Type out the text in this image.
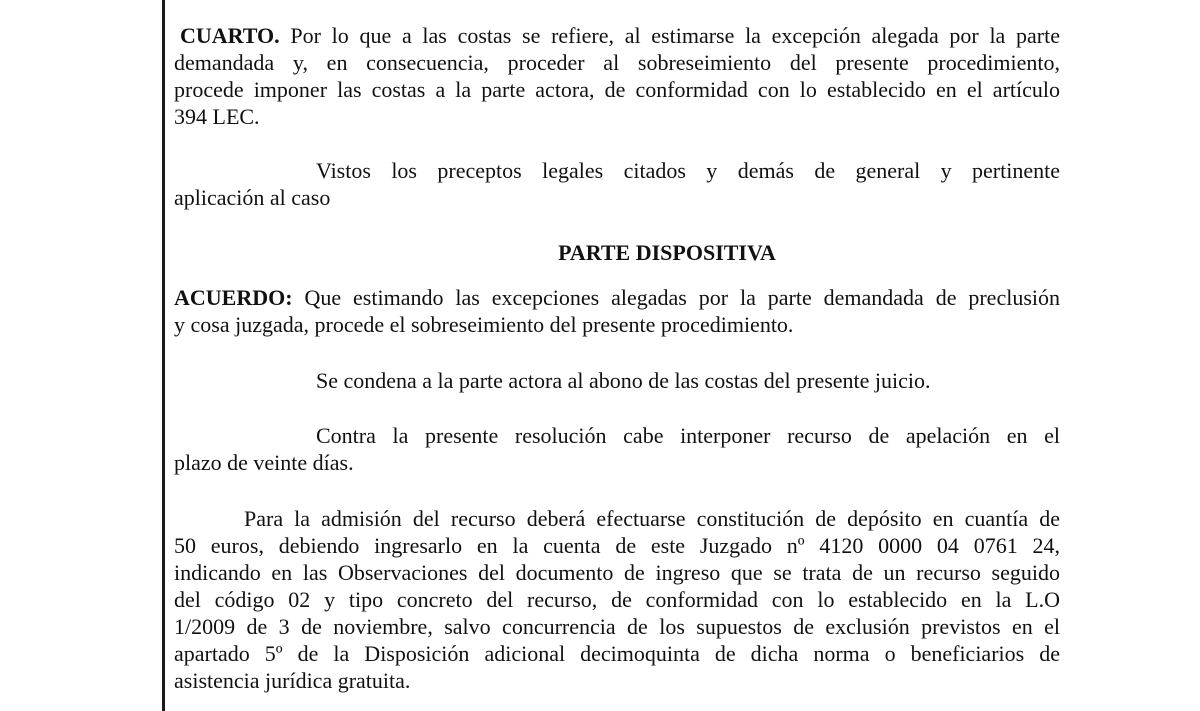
CUARTO. Por lo que a las costas se refiere, al estimarse la excepción alegada por la parte
demandada y, en consecuencia, proceder al sobreseimiento del presente procedimiento,
procede imponer las costas a la parte actora, de conformidad con lo establecido en el artículo
394 LEC.

Vistos los preceptos legales citados y demás de general y pertinente
aplicación al caso

PARTE DISPOSITIVA

ACUERDO: Que estimando las excepciones alegadas por la parte demandada de preclusión
y cosa juzgada, procede el sobreseimiento del presente procedimiento.

Se condena a la parte actora al abono de las costas del presente juicio.

Contra la presente resolución cabe interponer recurso de apelación en el
plazo de veinte días.

Para la admisión del recurso deberá efectuarse constitución de depósito en cuantía de
50 euros, debiendo ingresarlo en la cuenta de este Juzgado nº 4120 0000 04 0761 24,
indicando en las Observaciones del documento de ingreso que se trata de un recurso seguido
del código 02 y tipo concreto del recurso, de conformidad con lo establecido en la L.O
1/2009 de 3 de noviembre, salvo concurrencia de los supuestos de exclusión previstos en el
apartado 5º de la Disposición adicional decimoquinta de dicha norma o beneficiarios de
asistencia jurídica gratuita.
